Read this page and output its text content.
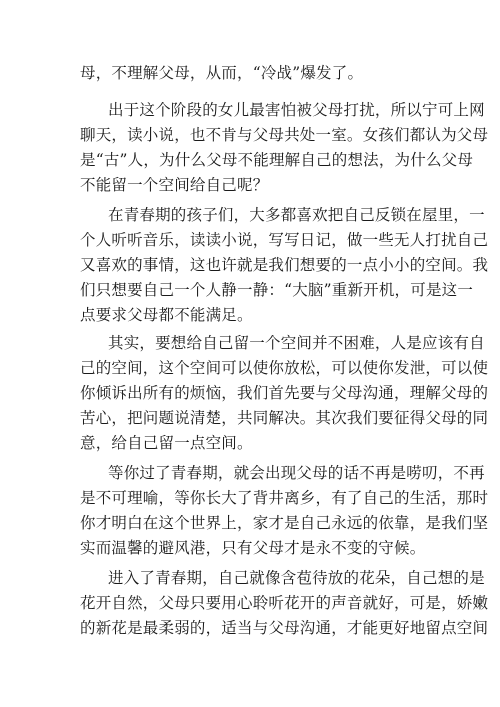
母，不理解父母，从而，“冷战”爆发了。
出于这个阶段的女儿最害怕被父母打扰，所以宁可上网
聊天，读小说，也不肯与父母共处一室。女孩们都认为父母
是“古”人，为什么父母不能理解自己的想法，为什么父母
不能留一个空间给自己呢？
在青春期的孩子们，大多都喜欢把自己反锁在屋里，一
个人听听音乐，读读小说，写写日记，做一些无人打扰自己
又喜欢的事情，这也许就是我们想要的一点小小的空间。我
们只想要自己一个人静一静：“大脑”重新开机，可是这一
点要求父母都不能满足。
其实，要想给自己留一个空间并不困难，人是应该有自
己的空间，这个空间可以使你放松，可以使你发泄，可以使
你倾诉出所有的烦恼，我们首先要与父母沟通，理解父母的
苦心，把问题说清楚，共同解决。其次我们要征得父母的同
意，给自己留一点空间。
等你过了青春期，就会出现父母的话不再是唠叨，不再
是不可理喻，等你长大了背井离乡，有了自己的生活，那时
你才明白在这个世界上，家才是自己永远的依靠，是我们坚
实而温馨的避风港，只有父母才是永不变的守候。
进入了青春期，自己就像含苞待放的花朵，自己想的是
花开自然，父母只要用心聆听花开的声音就好，可是，娇嫩
的新花是最柔弱的，适当与父母沟通，才能更好地留点空间
